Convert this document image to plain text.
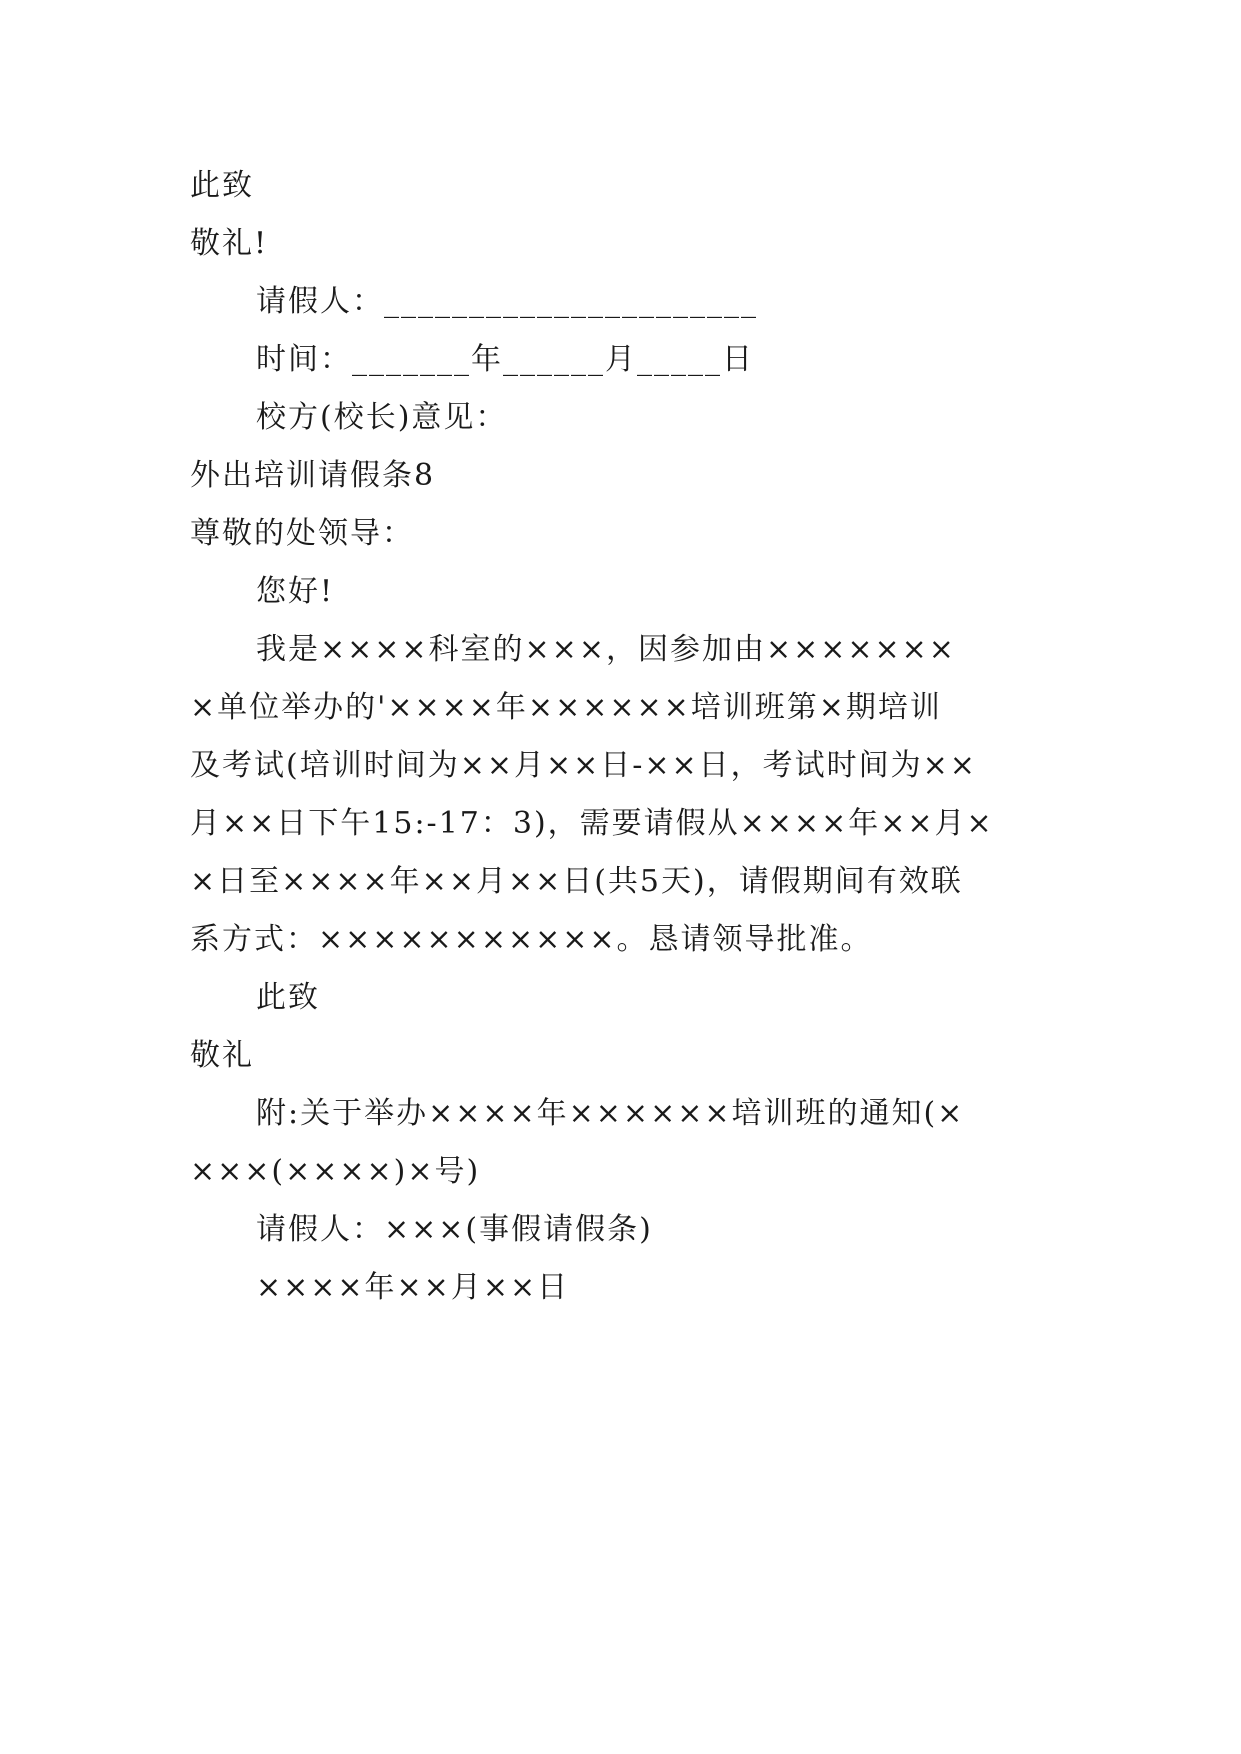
此致
敬礼!
请假人：______________________
时间：_______年______月_____日
校方(校长)意见：
外出培训请假条8
尊敬的处领导：
您好!
我是××××科室的×××，因参加由×××××××
×单位举办的'××××年××××××培训班第×期培训
及考试(培训时间为××月××日-××日，考试时间为××
月××日下午15:-17：3)，需要请假从××××年××月×
×日至××××年××月××日(共5天)，请假期间有效联
系方式：×××××××××××。恳请领导批准。
此致
敬礼
附:关于举办××××年××××××培训班的通知(×
×××(××××)×号)
请假人：×××(事假请假条)
××××年××月××日
